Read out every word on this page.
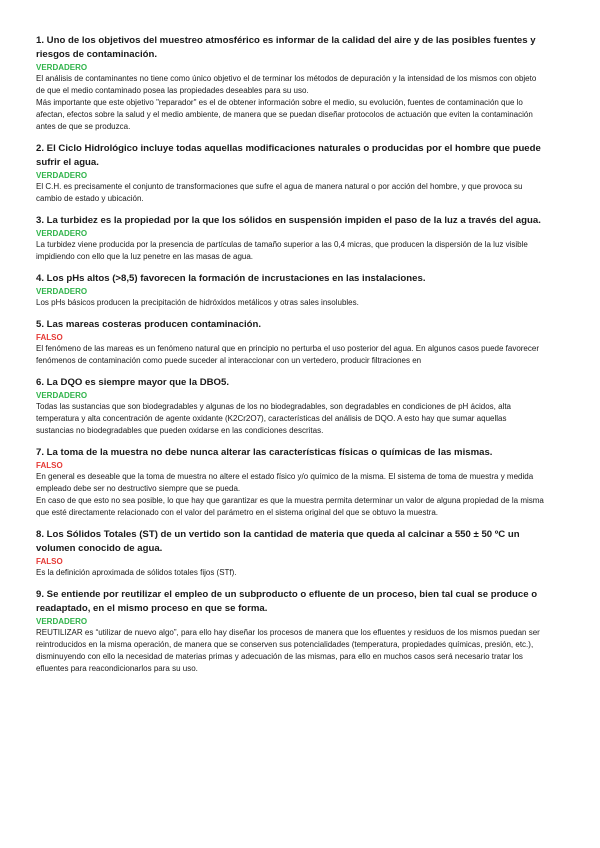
1. Uno de los objetivos del muestreo atmosférico es informar de la calidad del aire y de las posibles fuentes y riesgos de contaminación.

VERDADERO

El análisis de contaminantes no tiene como único objetivo el de terminar los métodos de depuración y la intensidad de los mismos con objeto de que el medio contaminado posea las propiedades deseables para su uso.

Más importante que este objetivo "reparador" es el de obtener información sobre el medio, su evolución, fuentes de contaminación que lo afectan, efectos sobre la salud y el medio ambiente, de manera que se puedan diseñar protocolos de actuación que eviten la contaminación antes de que se produzca.

2. El Ciclo Hidrológico incluye todas aquellas modificaciones naturales o producidas por el hombre que puede sufrir el agua.

VERDADERO

El C.H. es precisamente el conjunto de transformaciones que sufre el agua de manera natural o por acción del hombre, y que provoca su cambio de estado y ubicación.

3. La turbidez es la propiedad por la que los sólidos en suspensión impiden el paso de la luz a través del agua.

VERDADERO

La turbidez viene producida por la presencia de partículas de tamaño superior a las 0,4 micras, que producen la dispersión de la luz visible impidiendo con ello que la luz penetre en las masas de agua.

4. Los pHs altos (>8,5) favorecen la formación de incrustaciones en las instalaciones.

VERDADERO

Los pHs básicos producen la precipitación de hidróxidos metálicos y otras sales insolubles.

5. Las mareas costeras producen contaminación.

FALSO

El fenómeno de las mareas es un fenómeno natural que en principio no perturba el uso posterior del agua. En algunos casos puede favorecer fenómenos de contaminación como puede suceder al interaccionar con un vertedero, producir filtraciones en

6. La DQO es siempre mayor que la DBO5.

VERDADERO

Todas las sustancias que son biodegradables y algunas de los no biodegradables, son degradables en condiciones de pH ácidos, alta temperatura y alta concentración de agente oxidante (K2Cr2O7), características del análisis de DQO. A esto hay que sumar aquellas sustancias no biodegradables que pueden oxidarse en las condiciones descritas.

7. La toma de la muestra no debe nunca alterar las características físicas o químicas de las mismas.

FALSO

En general es deseable que la toma de muestra no altere el estado físico y/o químico de la misma. El sistema de toma de muestra y medida empleado debe ser no destructivo siempre que se pueda.

En caso de que esto no sea posible, lo que hay que garantizar es que la muestra permita determinar un valor de alguna propiedad de la misma que esté directamente relacionado con el valor del parámetro en el sistema original del que se obtuvo la muestra.

8. Los Sólidos Totales (ST) de un vertido son la cantidad de materia que queda al calcinar a 550 ± 50 ºC un volumen conocido de agua.

FALSO

Es la definición aproximada de sólidos totales fijos (STf).

9. Se entiende por reutilizar el empleo de un subproducto o efluente de un proceso, bien tal cual se produce o readaptado, en el mismo proceso en que se forma.

VERDADERO

REUTILIZAR es “utilizar de nuevo algo”, para ello hay diseñar los procesos de manera que los efluentes y residuos de los mismos puedan ser reintroducidos en la misma operación, de manera que se conserven sus potencialidades (temperatura, propiedades químicas, presión, etc.), disminuyendo con ello la necesidad de materias primas y adecuación de las mismas, para ello en muchos casos será necesario tratar los efluentes para reacondicionarlos para su uso.
